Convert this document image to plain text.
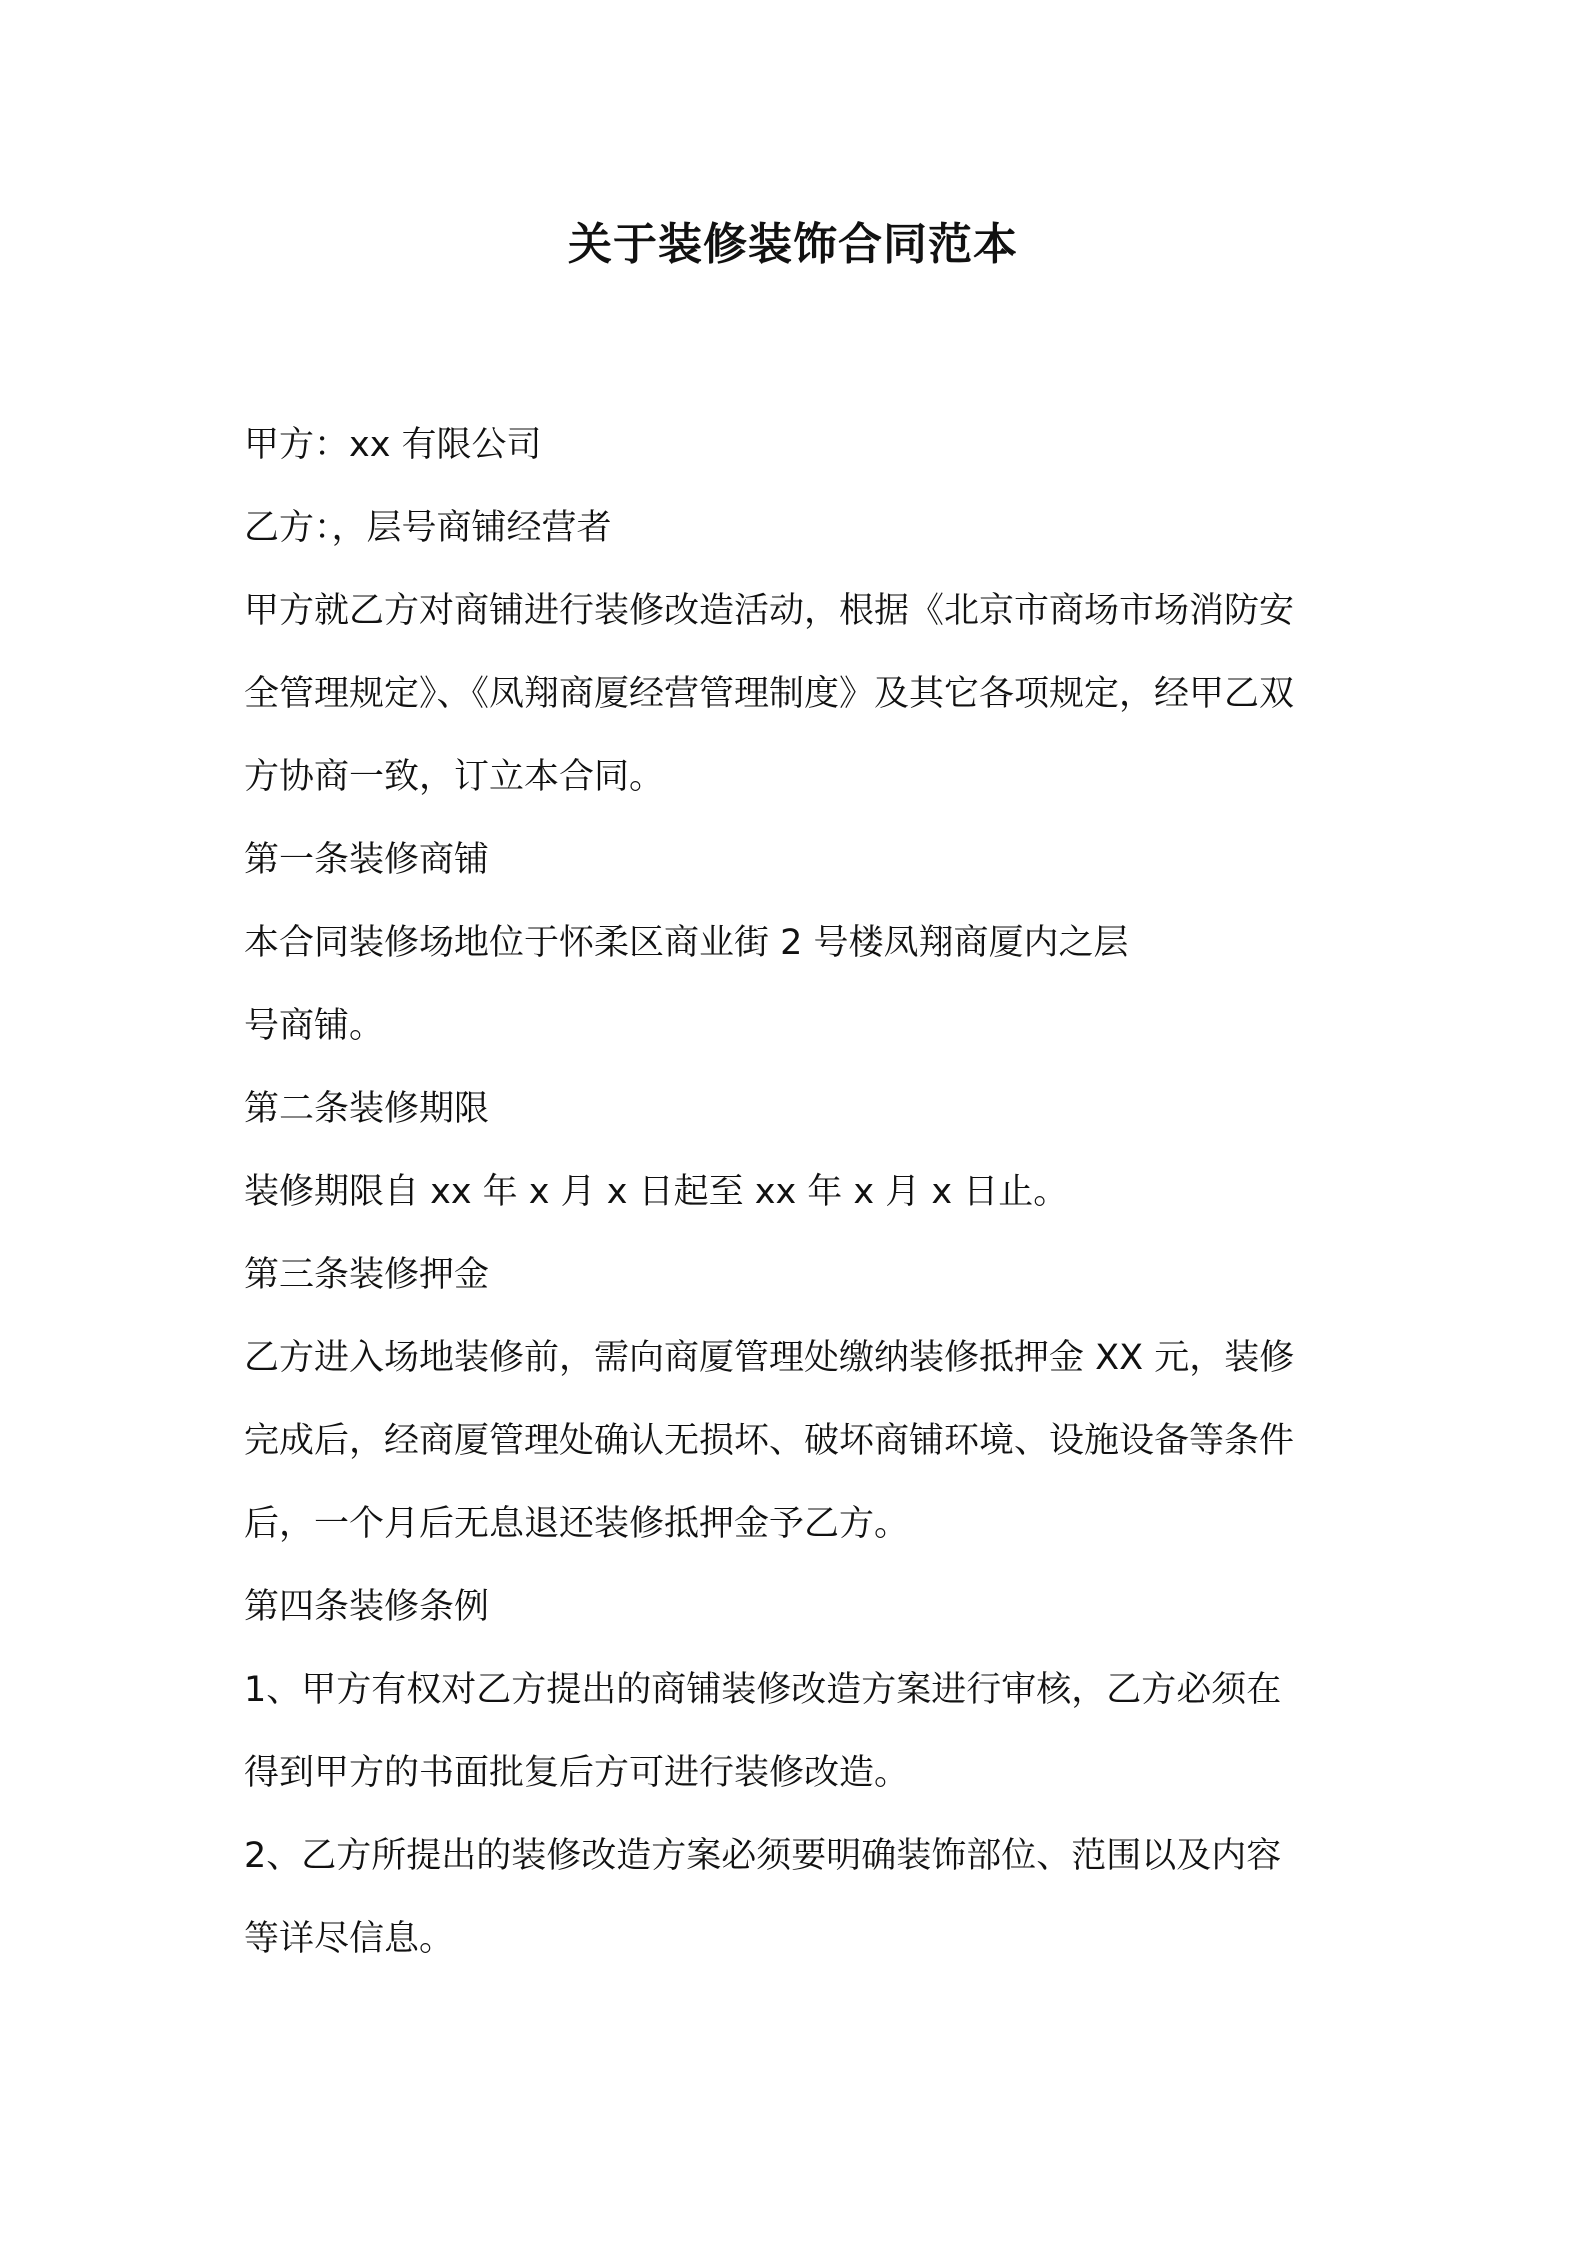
关于装修装饰合同范本

甲方：xx 有限公司

乙方：，层号商铺经营者

甲方就乙方对商铺进行装修改造活动，根据《北京市商场市场消防安

全管理规定》、《凤翔商厦经营管理制度》及其它各项规定，经甲乙双

方协商一致，订立本合同。

第一条装修商铺

本合同装修场地位于怀柔区商业街 2 号楼凤翔商厦内之层

号商铺。

第二条装修期限

装修期限自 xx 年 x 月 x 日起至 xx 年 x 月 x 日止。

第三条装修押金

乙方进入场地装修前，需向商厦管理处缴纳装修抵押金 XX 元，装修

完成后，经商厦管理处确认无损坏、破坏商铺环境、设施设备等条件

后，一个月后无息退还装修抵押金予乙方。

第四条装修条例

1、甲方有权对乙方提出的商铺装修改造方案进行审核，乙方必须在

得到甲方的书面批复后方可进行装修改造。

2、乙方所提出的装修改造方案必须要明确装饰部位、范围以及内容

等详尽信息。
